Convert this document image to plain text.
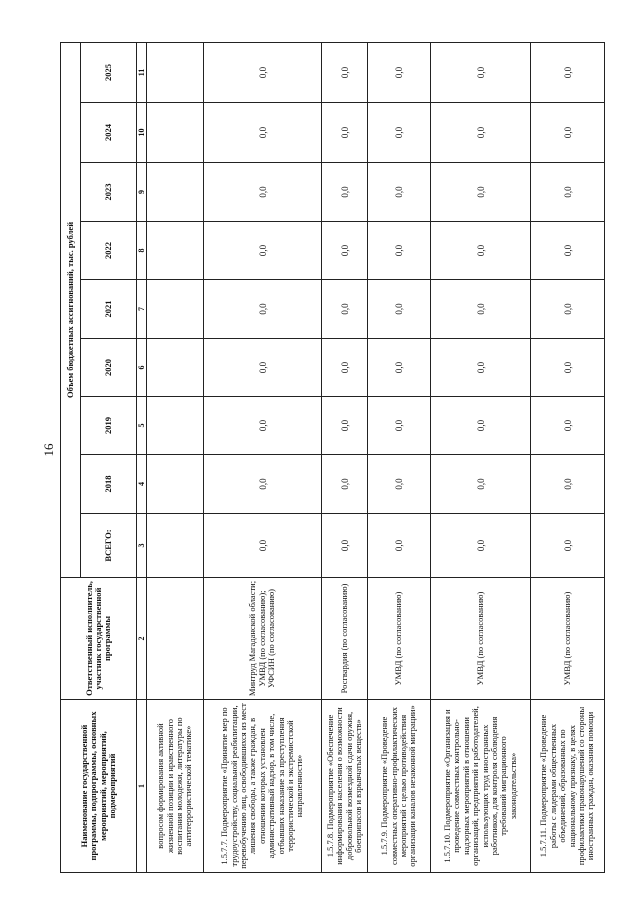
16
Наименование государственной программы, подпрограммы, основных мероприятий, мероприятий, подмероприятий	Ответственный исполнитель, участник государственной программы	Объем бюджетных ассигнований, тыс. рублей								
		ВСЕГО:	2018	2019	2020	2021	2022	2023	2024	2025
1	2	3	4	5	6	7	8	9	10	11
вопросом формирования активной жизненной позиции и нравственного воспитания молодежи, литературы по антитеррористической тематике»										
1.5.7.7. Подмероприятие «Принятие мер по трудоустройству, социальной реабилитации, перевобучению лиц, освободившихся из мест лишения свободы, а также граждан, в отношении которых установлен административный надзор, в том числе, отбывших наказание за преступления террористической и экстремистской направленности»	Минтруд Магаданской области; УМВД (по согласованию); УФСИН (по согласованию)	0,0	0,0	0,0	0,0	0,0	0,0	0,0	0,0	0,0
1.5.7.8. Подмероприятие «Обеспечение информирования населения о возможности добровольной возмездной сдачи оружия, боеприпасов и взрывчатых веществ»	Росгвардия (по согласованию)	0,0	0,0	0,0	0,0	0,0	0,0	0,0	0,0	0,0
1.5.7.9. Подмероприятие «Проведение совместных оперативно-профилактических мероприятий с целью противодействия организации каналов незаконной миграции»	УМВД (по согласованию)	0,0	0,0	0,0	0,0	0,0	0,0	0,0	0,0	0,0
1.5.7.10. Подмероприятие «Организация и проведение совместных контрольно-надзорных мероприятий в отношении организаций, предприятий и работодателей, использующих труд иностранных работников, для контроля соблюдения требований миграционного законодательства»	УМВД (по согласованию)	0,0	0,0	0,0	0,0	0,0	0,0	0,0	0,0	0,0
1.5.7.11. Подмероприятие «Проведение работы с лидерами общественных объединений, образованных по национальному признаку, в целях профилактики правонарушений со стороны иностранных граждан, оказания помощи	УМВД (по согласованию)	0,0	0,0	0,0	0,0	0,0	0,0	0,0	0,0	0,0
